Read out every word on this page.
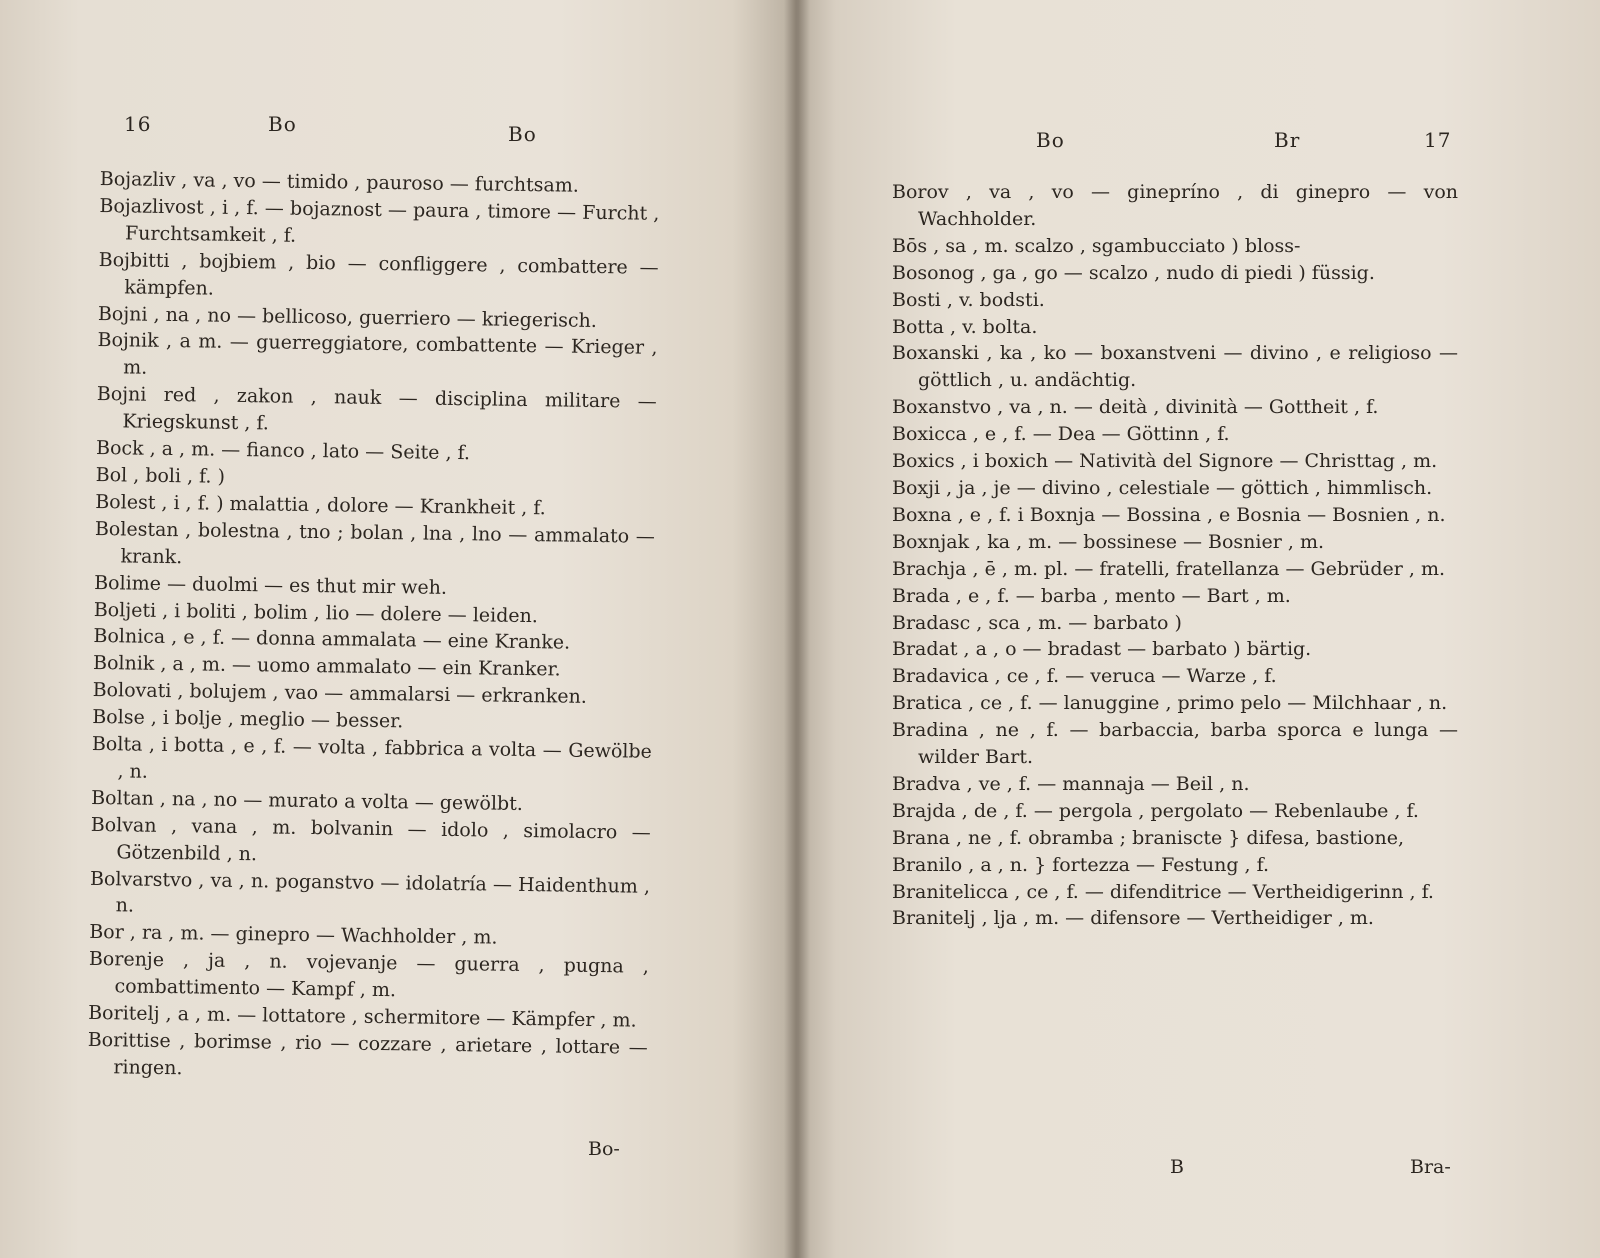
16	Bo	Bo

Bojazliv , va , vo — timido , pauroso — furchtsam.

Bojazlivost , i , f. — bojaznost — paura , timore — Furcht , Furchtsamkeit , f.

Bojbitti , bojbiem , bio — confliggere , combattere — kämpfen.

Bojni , na , no — bellicoso, guerriero — kriegerisch.

Bojnik , a m. — guerreggiatore, combattente — Krieger , m.

Bojni red , zakon , nauk — disciplina militare — Kriegskunst , f.

Bock , a , m. — fianco , lato — Seite , f.

Bol , boli , f. )

Bolest , i , f. ) malattia , dolore — Krankheit , f.

Bolestan , bolestna , tno ; bolan , lna , lno — ammalato — krank.

Bolime — duolmi — es thut mir weh.

Boljeti , i boliti , bolim , lio — dolere — leiden.

Bolnica , e , f. — donna ammalata — eine Kranke.

Bolnik , a , m. — uomo ammalato — ein Kranker.

Bolovati , bolujem , vao — ammalarsi — erkranken.

Bolse , i bolje , meglio — besser.

Bolta , i botta , e , f. — volta , fabbrica a volta — Gewölbe , n.

Boltan , na , no — murato a volta — gewölbt.

Bolvan , vana , m. bolvanin — idolo , simolacro — Götzenbild , n.

Bolvarstvo , va , n. poganstvo — idolatría — Haidenthum , n.

Bor , ra , m. — ginepro — Wachholder , m.

Borenje , ja , n. vojevanje — guerra , pugna , combattimento — Kampf , m.

Boritelj , a , m. — lottatore , schermitore — Kämpfer , m.

Borittise , borimse , rio — cozzare , arietare , lottare — ringen.

Bo-
Bo	Br	17

Borov , va , vo — ginepríno , di ginepro — von Wachholder.

Bōs , sa , m. scalzo , sgambucciato ) bloss-

Bosonog , ga , go — scalzo , nudo di piedi ) füssig.

Bosti , v. bodsti.

Botta , v. bolta.

Boxanski , ka , ko — boxanstveni — divino , e religioso — göttlich , u. andächtig.

Boxanstvo , va , n. — deità , divinità — Gottheit , f.

Boxicca , e , f. — Dea — Göttinn , f.

Boxics , i boxich — Natività del Signore — Christtag , m.

Boxji , ja , je — divino , celestiale — göttich , himmlisch.

Boxna , e , f. i Boxnja — Bossina , e Bosnia — Bosnien , n.

Boxnjak , ka , m. — bossinese — Bosnier , m.

Brachja , ē , m. pl. — fratelli, fratellanza — Gebrüder , m.

Brada , e , f. — barba , mento — Bart , m.

Bradasc , sca , m. — barbato )

Bradat , a , o — bradast — barbato ) bärtig.

Bradavica , ce , f. — veruca — Warze , f.

Bratica , ce , f. — lanuggine , primo pelo — Milchhaar , n.

Bradina , ne , f. — barbaccia, barba sporca e lunga — wilder Bart.

Bradva , ve , f. — mannaja — Beil , n.

Brajda , de , f. — pergola , pergolato — Rebenlaube , f.

Brana , ne , f. obramba ; braniscte } difesa, bastione,

Branilo , a , n. } fortezza — Festung , f.

Branitelicca , ce , f. — difenditrice — Vertheidigerinn , f.

Branitelj , lja , m. — difensore — Vertheidiger , m.

B	Bra-
